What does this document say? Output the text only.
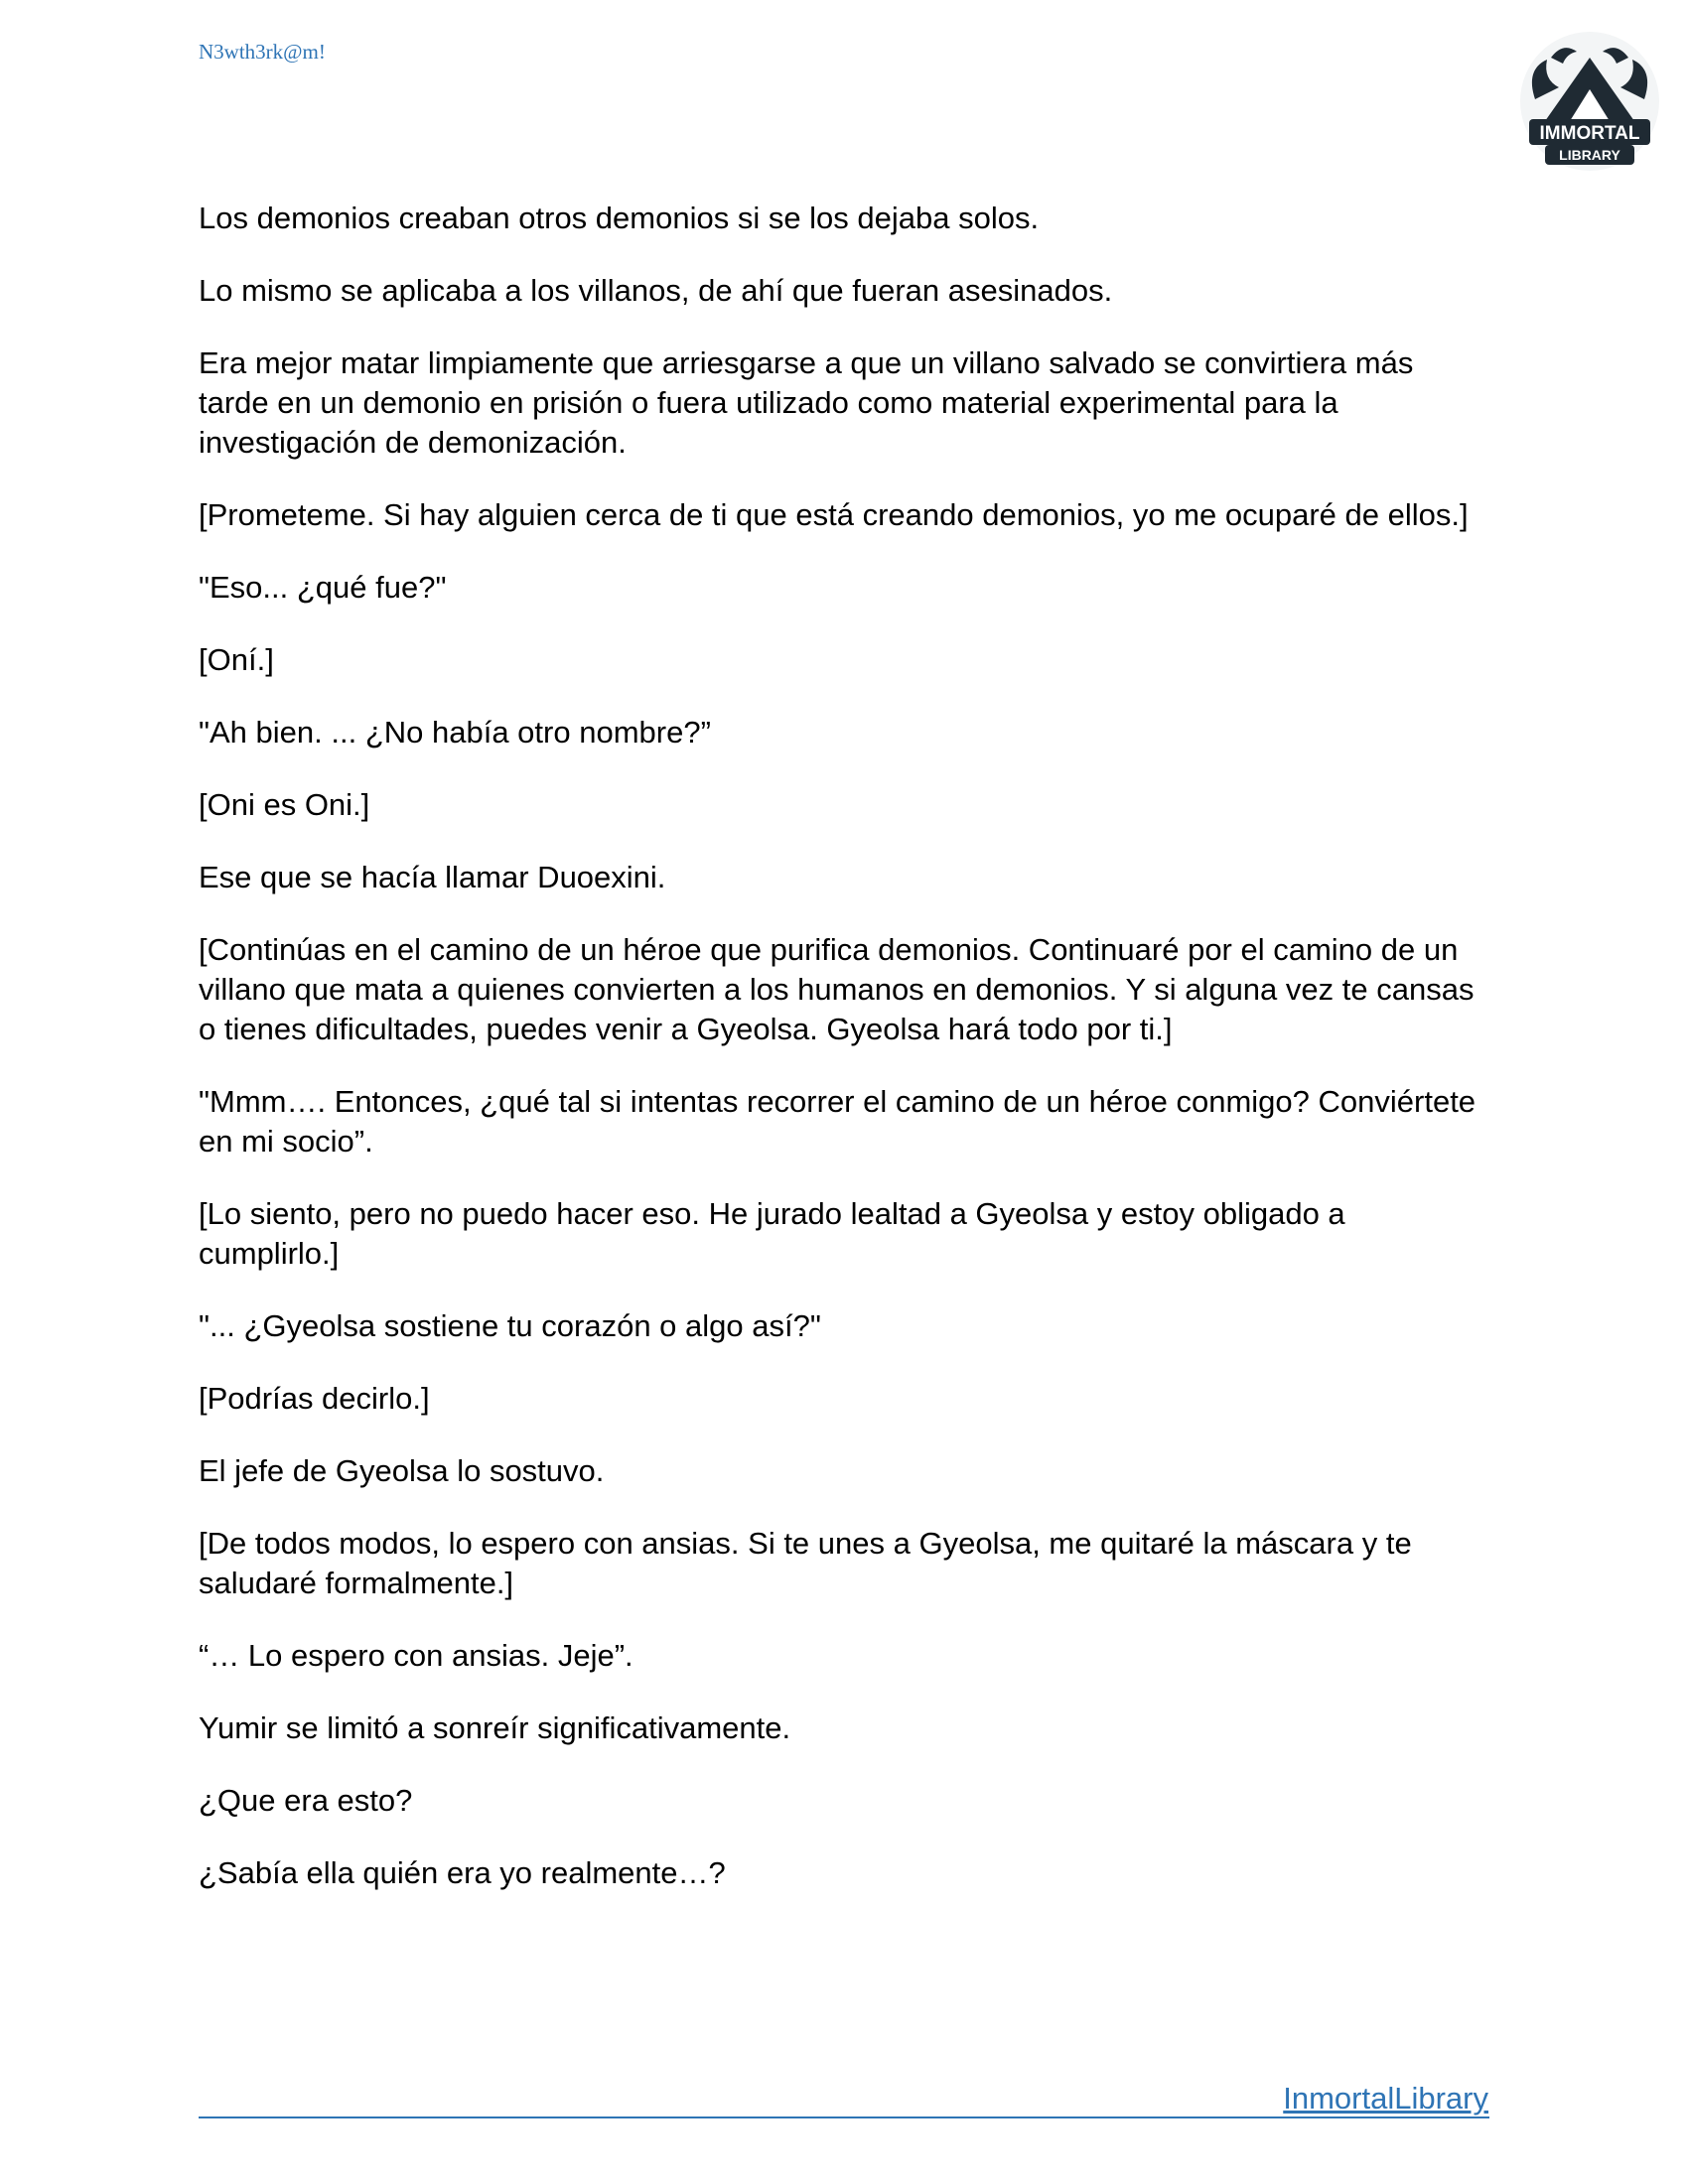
N3wth3rk@m!
IMMORTAL
LIBRARY

Los demonios creaban otros demonios si se los dejaba solos.

Lo mismo se aplicaba a los villanos, de ahí que fueran asesinados.

Era mejor matar limpiamente que arriesgarse a que un villano salvado se convirtiera más tarde en un demonio en prisión o fuera utilizado como material experimental para la investigación de demonización.

[Prometeme. Si hay alguien cerca de ti que está creando demonios, yo me ocuparé de ellos.]

"Eso... ¿qué fue?"

[Oní.]

"Ah bien. ... ¿No había otro nombre?”

[Oni es Oni.]

Ese que se hacía llamar Duoexini.

[Continúas en el camino de un héroe que purifica demonios. Continuaré por el camino de un villano que mata a quienes convierten a los humanos en demonios. Y si alguna vez te cansas o tienes dificultades, puedes venir a Gyeolsa. Gyeolsa hará todo por ti.]

"Mmm…. Entonces, ¿qué tal si intentas recorrer el camino de un héroe conmigo? Conviértete en mi socio”.

[Lo siento, pero no puedo hacer eso. He jurado lealtad a Gyeolsa y estoy obligado a cumplirlo.]

"... ¿Gyeolsa sostiene tu corazón o algo así?"

[Podrías decirlo.]

El jefe de Gyeolsa lo sostuvo.

[De todos modos, lo espero con ansias. Si te unes a Gyeolsa, me quitaré la máscara y te saludaré formalmente.]

“… Lo espero con ansias. Jeje”.

Yumir se limitó a sonreír significativamente.

¿Que era esto?

¿Sabía ella quién era yo realmente…?

InmortalLibrary
